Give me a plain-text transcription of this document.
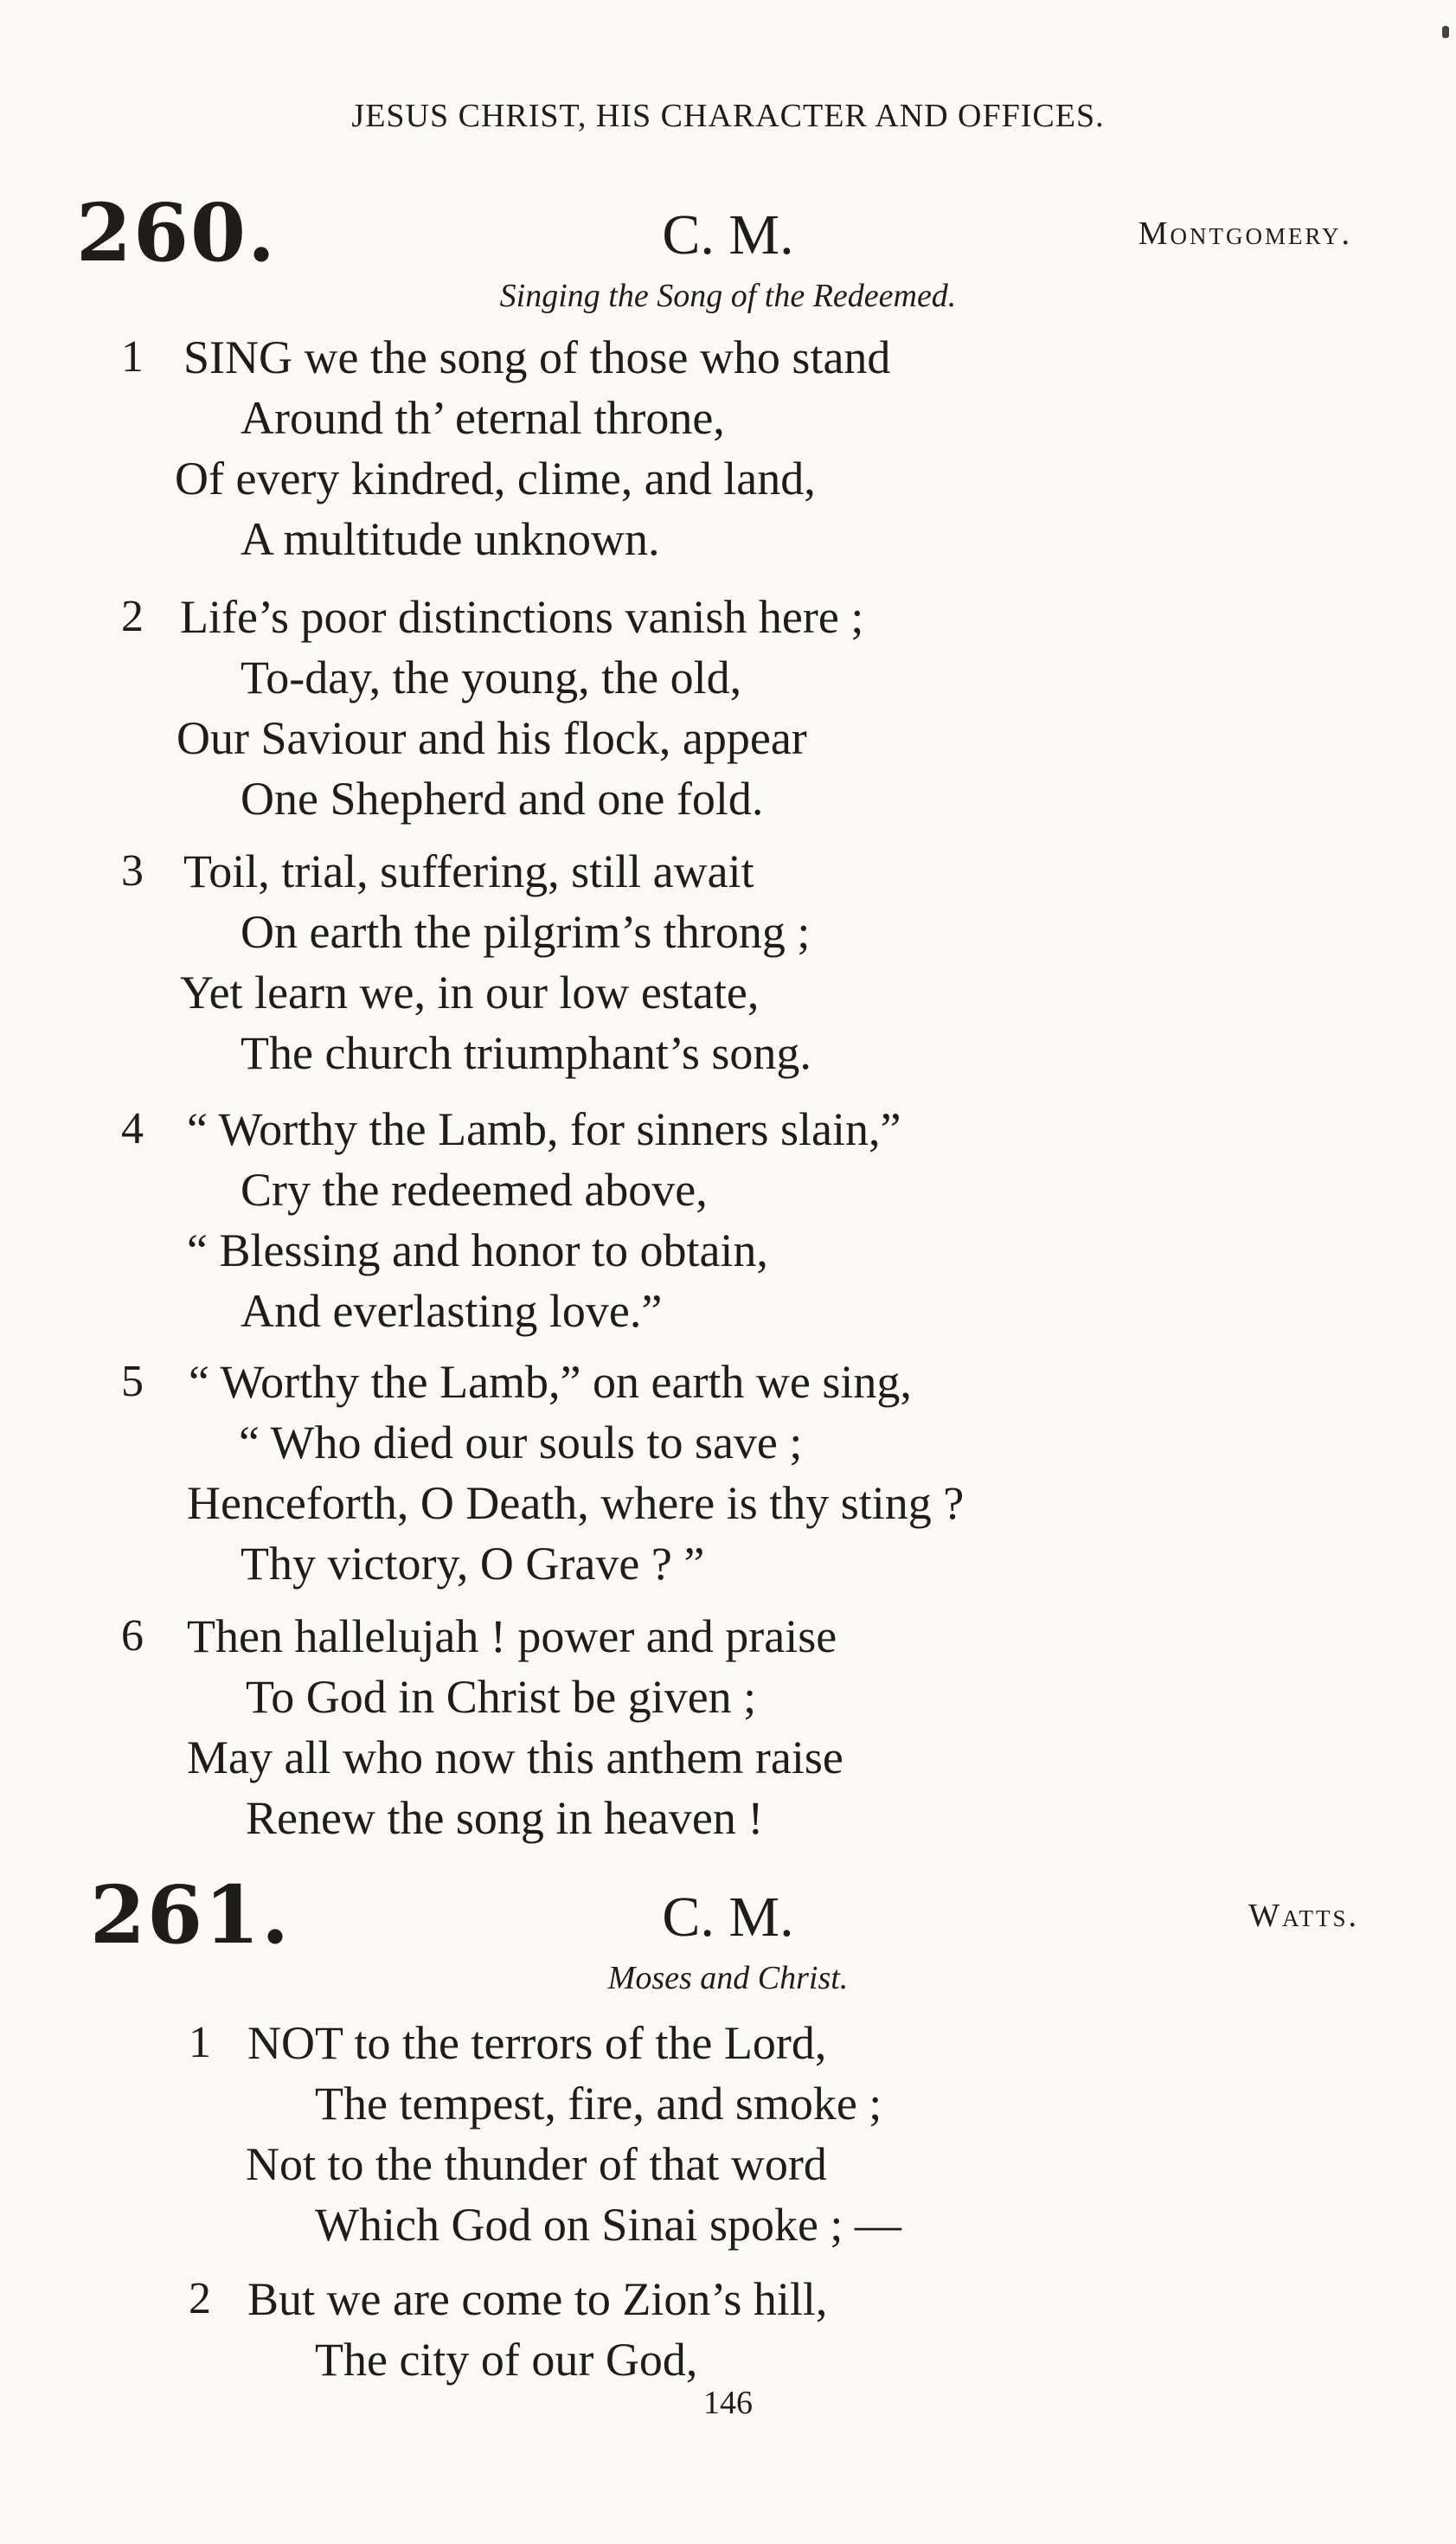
JESUS CHRIST, HIS CHARACTER AND OFFICES.
260.	C. M.	Montgomery.
Singing the Song of the Redeemed.
1 SING we the song of those who stand
Around th’ eternal throne,
Of every kindred, clime, and land,
A multitude unknown.
2 Life’s poor distinctions vanish here ;
To-day, the young, the old,
Our Saviour and his flock, appear
One Shepherd and one fold.
3 Toil, trial, suffering, still await
On earth the pilgrim’s throng ;
Yet learn we, in our low estate,
The church triumphant’s song.
4 “ Worthy the Lamb, for sinners slain,”
Cry the redeemed above,
“ Blessing and honor to obtain,
And everlasting love.”
5 “ Worthy the Lamb,” on earth we sing,
“ Who died our souls to save ;
Henceforth, O Death, where is thy sting ?
Thy victory, O Grave ? ”
6 Then hallelujah ! power and praise
To God in Christ be given ;
May all who now this anthem raise
Renew the song in heaven !
261.	C. M.	Watts.
Moses and Christ.
1 NOT to the terrors of the Lord,
The tempest, fire, and smoke ;
Not to the thunder of that word
Which God on Sinai spoke ; —
2 But we are come to Zion’s hill,
The city of our God,
146
